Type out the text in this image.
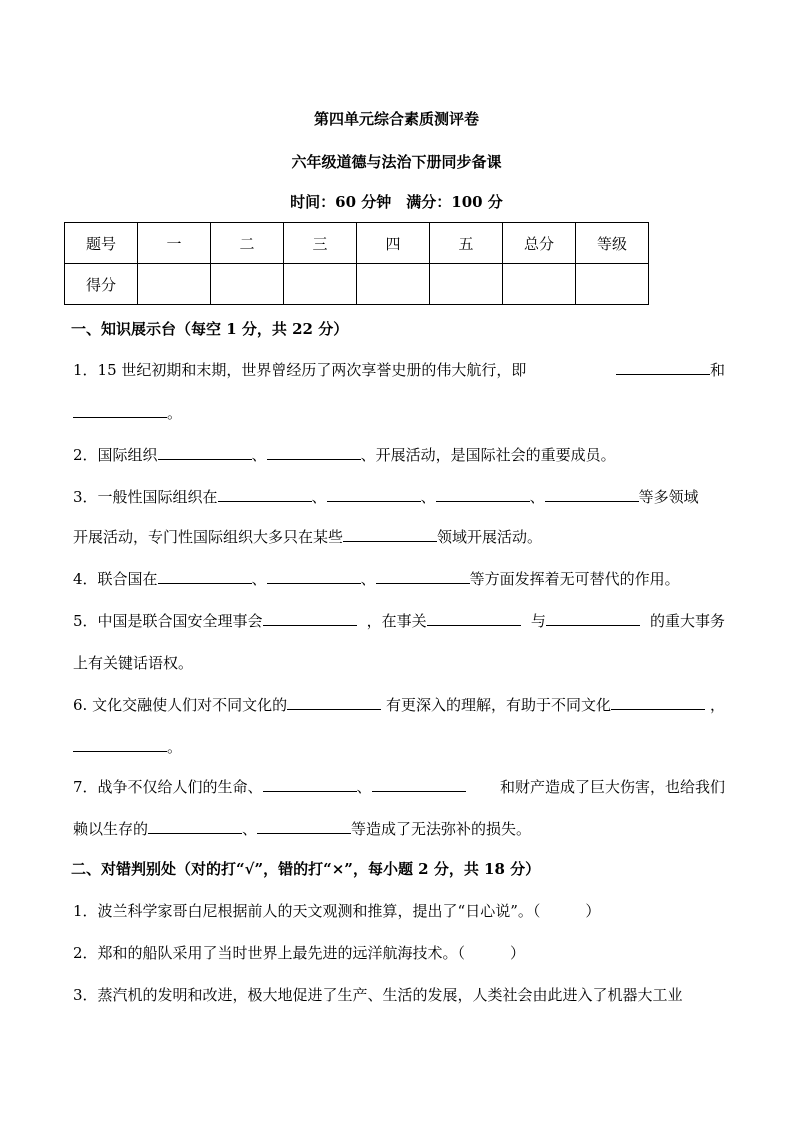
第四单元综合素质测评卷
六年级道德与法治下册同步备课
时间：60 分钟　满分：100 分
题号	一	二	三	四	五	总分	等级
得分							
一、知识展示台（每空 1 分，共 22 分）
1．15 世纪初期和末期，世界曾经历了两次享誉史册的伟大航行，即	和
。
2．国际组织	、	、开展活动，是国际社会的重要成员。
3．一般性国际组织在	、	、	、	等多领域
开展活动，专门性国际组织大多只在某些	领域开展活动。
4．联合国在	、	、	等方面发挥着无可替代的作用。
5．中国是联合国安全理事会	，在事关	与	的重大事务
上有关键话语权。
6. 文化交融使人们对不同文化的	有更深入的理解，有助于不同文化	，
。
7．战争不仅给人们的生命、	、	和财产造成了巨大伤害，也给我们
赖以生存的	、	等造成了无法弥补的损失。
二、对错判别处（对的打“√”，错的打“×”，每小题 2 分，共 18 分）
1．波兰科学家哥白尼根据前人的天文观测和推算，提出了“日心说”。（　　　）
2．郑和的船队采用了当时世界上最先进的远洋航海技术。（　　　）
3．蒸汽机的发明和改进，极大地促进了生产、生活的发展，人类社会由此进入了机器大工业
